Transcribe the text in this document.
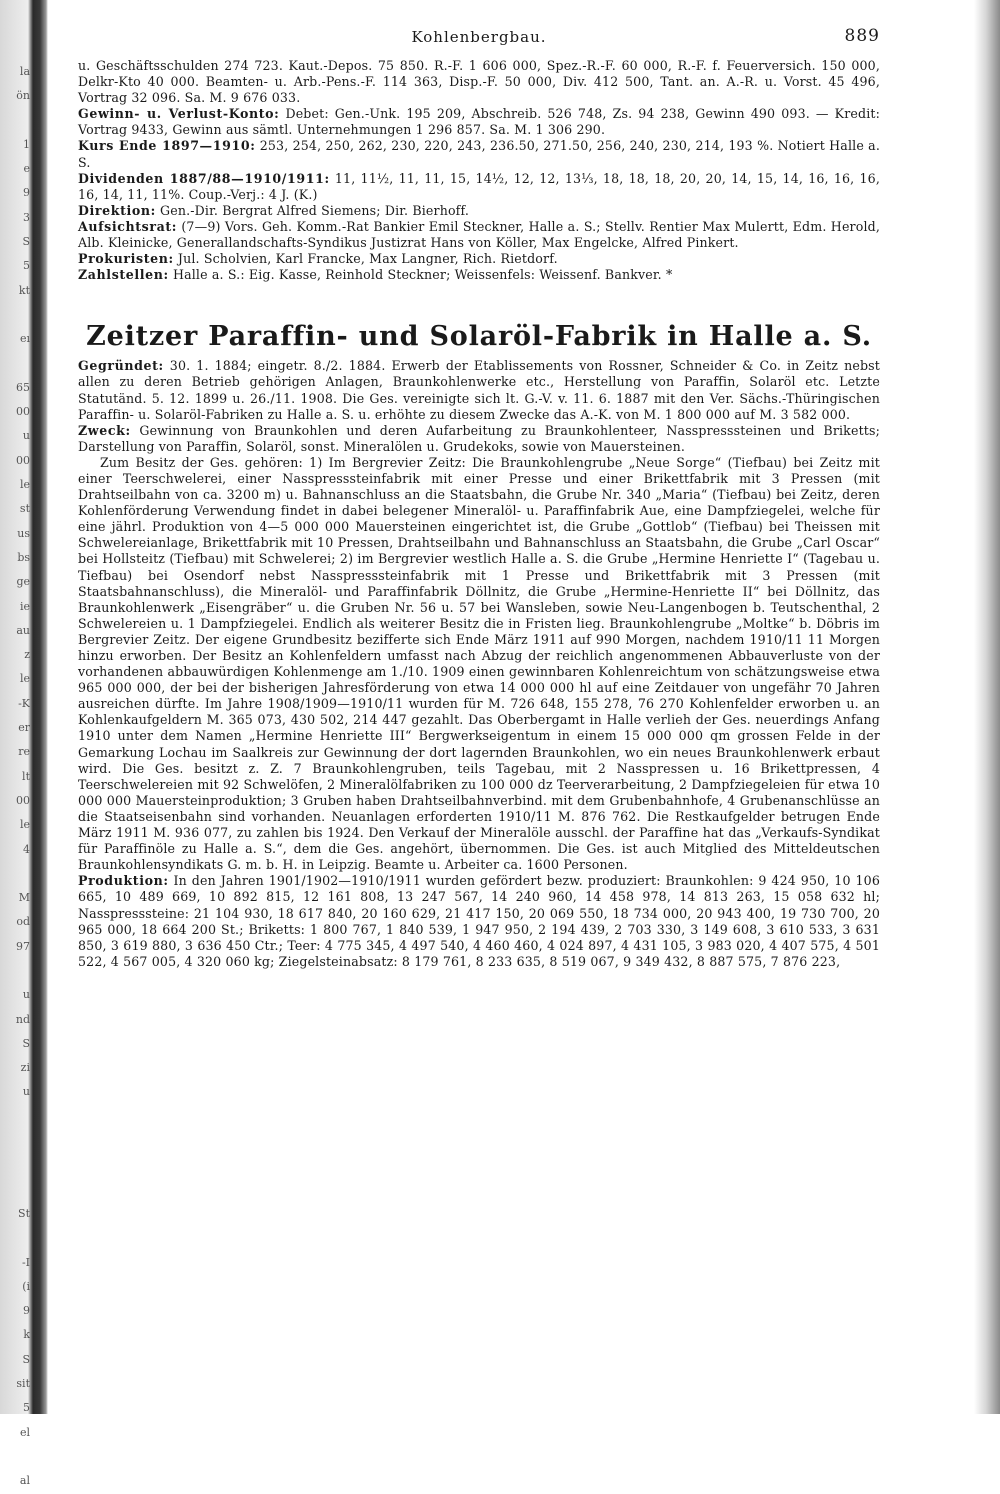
la
ön
1
e
9
3
S
5
kt
eı
65
00
u
00
le
st
us
bs
ge
ie
au
z
le
-K
er
re
lt
00
le
4
M
od
97
u
nd
S
zi
u
St
-I
(i
9
k
S
sit
5
el
al
Kohlenbergbau.	889

u. Geschäftsschulden 274 723. Kaut.-Depos. 75 850. R.-F. 1 606 000, Spez.-R.-F. 60 000, R.-F. f. Feuerversich. 150 000, Delkr-Kto 40 000. Beamten- u. Arb.-Pens.-F. 114 363, Disp.-F. 50 000, Div. 412 500, Tant. an. A.-R. u. Vorst. 45 496, Vortrag 32 096. Sa. M. 9 676 033.

Gewinn- u. Verlust-Konto: Debet: Gen.-Unk. 195 209, Abschreib. 526 748, Zs. 94 238, Gewinn 490 093. — Kredit: Vortrag 9433, Gewinn aus sämtl. Unternehmungen 1 296 857. Sa. M. 1 306 290.

Kurs Ende 1897—1910: 253, 254, 250, 262, 230, 220, 243, 236.50, 271.50, 256, 240, 230, 214, 193 %. Notiert Halle a. S.

Dividenden 1887/88—1910/1911: 11, 11½, 11, 11, 15, 14½, 12, 12, 13⅓, 18, 18, 18, 20, 20, 14, 15, 14, 16, 16, 16, 16, 14, 11, 11%. Coup.-Verj.: 4 J. (K.)

Direktion: Gen.-Dir. Bergrat Alfred Siemens; Dir. Bierhoff.

Aufsichtsrat: (7—9) Vors. Geh. Komm.-Rat Bankier Emil Steckner, Halle a. S.; Stellv. Rentier Max Mulertt, Edm. Herold, Alb. Kleinicke, Generallandschafts-Syndikus Justizrat Hans von Köller, Max Engelcke, Alfred Pinkert.

Prokuristen: Jul. Scholvien, Karl Francke, Max Langner, Rich. Rietdorf.

Zahlstellen: Halle a. S.: Eig. Kasse, Reinhold Steckner; Weissenfels: Weissenf. Bankver. *

Zeitzer Paraffin- und Solaröl-Fabrik in Halle a. S.

Gegründet: 30. 1. 1884; eingetr. 8./2. 1884. Erwerb der Etablissements von Rossner, Schneider & Co. in Zeitz nebst allen zu deren Betrieb gehörigen Anlagen, Braunkohlenwerke etc., Herstellung von Paraffin, Solaröl etc. Letzte Statutänd. 5. 12. 1899 u. 26./11. 1908. Die Ges. vereinigte sich lt. G.-V. v. 11. 6. 1887 mit den Ver. Sächs.-Thüringischen Paraffin- u. Solaröl-Fabriken zu Halle a. S. u. erhöhte zu diesem Zwecke das A.-K. von M. 1 800 000 auf M. 3 582 000.

Zweck: Gewinnung von Braunkohlen und deren Aufarbeitung zu Braunkohlenteer, Nasspresssteinen und Briketts; Darstellung von Paraffin, Solaröl, sonst. Mineralölen u. Grudekoks, sowie von Mauersteinen.

Zum Besitz der Ges. gehören: 1) Im Bergrevier Zeitz: Die Braunkohlengrube „Neue Sorge“ (Tiefbau) bei Zeitz mit einer Teerschwelerei, einer Nasspresssteinfabrik mit einer Presse und einer Brikettfabrik mit 3 Pressen (mit Drahtseilbahn von ca. 3200 m) u. Bahnanschluss an die Staatsbahn, die Grube Nr. 340 „Maria“ (Tiefbau) bei Zeitz, deren Kohlenförderung Verwendung findet in dabei belegener Mineralöl- u. Paraffinfabrik Aue, eine Dampfziegelei, welche für eine jährl. Produktion von 4—5 000 000 Mauersteinen eingerichtet ist, die Grube „Gottlob“ (Tiefbau) bei Theissen mit Schwelereianlage, Brikettfabrik mit 10 Pressen, Drahtseilbahn und Bahnanschluss an Staatsbahn, die Grube „Carl Oscar“ bei Hollsteitz (Tiefbau) mit Schwelerei; 2) im Bergrevier westlich Halle a. S. die Grube „Hermine Henriette I“ (Tagebau u. Tiefbau) bei Osendorf nebst Nasspresssteinfabrik mit 1 Presse und Brikettfabrik mit 3 Pressen (mit Staatsbahnanschluss), die Mineralöl- und Paraffinfabrik Döllnitz, die Grube „Hermine-Henriette II“ bei Döllnitz, das Braunkohlenwerk „Eisengräber“ u. die Gruben Nr. 56 u. 57 bei Wansleben, sowie Neu-Langenbogen b. Teutschenthal, 2 Schwelereien u. 1 Dampfziegelei. Endlich als weiterer Besitz die in Fristen lieg. Braunkohlengrube „Moltke“ b. Döbris im Bergrevier Zeitz. Der eigene Grundbesitz bezifferte sich Ende März 1911 auf 990 Morgen, nachdem 1910/11 11 Morgen hinzu erworben. Der Besitz an Kohlenfeldern umfasst nach Abzug der reichlich angenommenen Abbauverluste von der vorhandenen abbauwürdigen Kohlenmenge am 1./10. 1909 einen gewinnbaren Kohlenreichtum von schätzungsweise etwa 965 000 000, der bei der bisherigen Jahresförderung von etwa 14 000 000 hl auf eine Zeitdauer von ungefähr 70 Jahren ausreichen dürfte. Im Jahre 1908/1909—1910/11 wurden für M. 726 648, 155 278, 76 270 Kohlenfelder erworben u. an Kohlenkaufgeldern M. 365 073, 430 502, 214 447 gezahlt. Das Oberbergamt in Halle verlieh der Ges. neuerdings Anfang 1910 unter dem Namen „Hermine Henriette III“ Bergwerkseigentum in einem 15 000 000 qm grossen Felde in der Gemarkung Lochau im Saalkreis zur Gewinnung der dort lagernden Braunkohlen, wo ein neues Braunkohlenwerk erbaut wird. Die Ges. besitzt z. Z. 7 Braunkohlengruben, teils Tagebau, mit 2 Nasspressen u. 16 Brikettpressen, 4 Teerschwelereien mit 92 Schwelöfen, 2 Mineralölfabriken zu 100 000 dz Teerverarbeitung, 2 Dampfziegeleien für etwa 10 000 000 Mauersteinproduktion; 3 Gruben haben Drahtseilbahnverbind. mit dem Grubenbahnhofe, 4 Grubenanschlüsse an die Staatseisenbahn sind vorhanden. Neuanlagen erforderten 1910/11 M. 876 762. Die Restkaufgelder betrugen Ende März 1911 M. 936 077, zu zahlen bis 1924. Den Verkauf der Mineralöle ausschl. der Paraffine hat das „Verkaufs-Syndikat für Paraffinöle zu Halle a. S.“, dem die Ges. angehört, übernommen. Die Ges. ist auch Mitglied des Mitteldeutschen Braunkohlensyndikats G. m. b. H. in Leipzig. Beamte u. Arbeiter ca. 1600 Personen.

Produktion: In den Jahren 1901/1902—1910/1911 wurden gefördert bezw. produziert: Braunkohlen: 9 424 950, 10 106 665, 10 489 669, 10 892 815, 12 161 808, 13 247 567, 14 240 960, 14 458 978, 14 813 263, 15 058 632 hl; Nasspresssteine: 21 104 930, 18 617 840, 20 160 629, 21 417 150, 20 069 550, 18 734 000, 20 943 400, 19 730 700, 20 965 000, 18 664 200 St.; Briketts: 1 800 767, 1 840 539, 1 947 950, 2 194 439, 2 703 330, 3 149 608, 3 610 533, 3 631 850, 3 619 880, 3 636 450 Ctr.; Teer: 4 775 345, 4 497 540, 4 460 460, 4 024 897, 4 431 105, 3 983 020, 4 407 575, 4 501 522, 4 567 005, 4 320 060 kg; Ziegelsteinabsatz: 8 179 761, 8 233 635, 8 519 067, 9 349 432, 8 887 575, 7 876 223,
